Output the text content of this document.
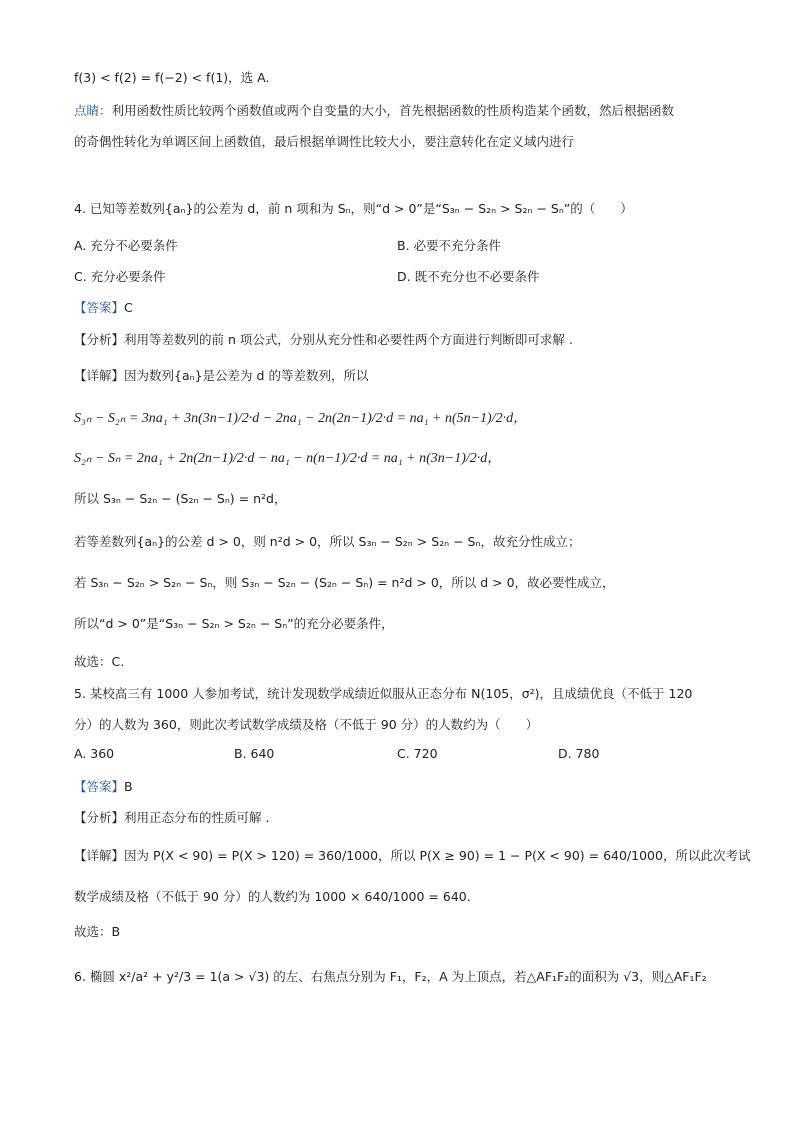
f(3) < f(2) = f(−2) < f(1)，选 A.
点睛：利用函数性质比较两个函数值或两个自变量的大小，首先根据函数的性质构造某个函数，然后根据函数
的奇偶性转化为单调区间上函数值，最后根据单调性比较大小，要注意转化在定义域内进行
4. 已知等差数列{aₙ}的公差为 d，前 n 项和为 Sₙ，则“d > 0”是“S₃ₙ − S₂ₙ > S₂ₙ − Sₙ”的（　　）
A. 充分不必要条件	B. 必要不充分条件
C. 充分必要条件	D. 既不充分也不必要条件
【答案】C
【分析】利用等差数列的前 n 项公式，分别从充分性和必要性两个方面进行判断即可求解 .
【详解】因为数列{aₙ}是公差为 d 的等差数列，所以
S₃ₙ − S₂ₙ = 3na₁ + 3n(3n−1)/2·d − 2na₁ − 2n(2n−1)/2·d = na₁ + n(5n−1)/2·d，
S₂ₙ − Sₙ = 2na₁ + 2n(2n−1)/2·d − na₁ − n(n−1)/2·d = na₁ + n(3n−1)/2·d，
所以 S₃ₙ − S₂ₙ − (S₂ₙ − Sₙ) = n²d，
若等差数列{aₙ}的公差 d > 0，则 n²d > 0，所以 S₃ₙ − S₂ₙ > S₂ₙ − Sₙ，故充分性成立；
若 S₃ₙ − S₂ₙ > S₂ₙ − Sₙ，则 S₃ₙ − S₂ₙ − (S₂ₙ − Sₙ) = n²d > 0，所以 d > 0，故必要性成立，
所以“d > 0”是“S₃ₙ − S₂ₙ > S₂ₙ − Sₙ”的充分必要条件，
故选：C.
5. 某校高三有 1000 人参加考试，统计发现数学成绩近似服从正态分布 N(105，σ²)，且成绩优良（不低于 120
分）的人数为 360，则此次考试数学成绩及格（不低于 90 分）的人数约为（　　）
A. 360	B. 640	C. 720	D. 780
【答案】B
【分析】利用正态分布的性质可解 .
【详解】因为 P(X < 90) = P(X > 120) = 360/1000，所以 P(X ≥ 90) = 1 − P(X < 90) = 640/1000，所以此次考试
数学成绩及格（不低于 90 分）的人数约为 1000 × 640/1000 = 640.
故选：B
6. 椭圆 x²/a² + y²/3 = 1(a > √3) 的左、右焦点分别为 F₁，F₂，A 为上顶点，若△AF₁F₂的面积为 √3，则△AF₁F₂
